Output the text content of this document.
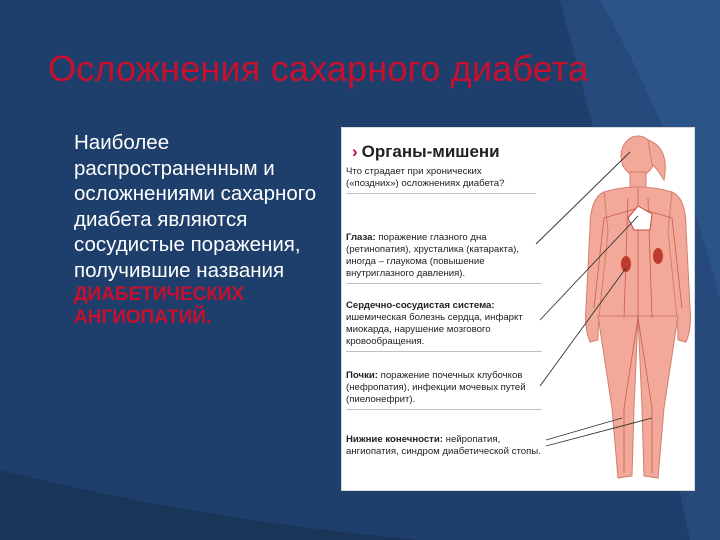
Осложнения сахарного диабета
Наиболее распространенным и осложнениями сахарного диабета являются сосудистые поражения, получившие названия
ДИАБЕТИЧЕСКИХ АНГИОПАТИЙ.
› Органы-мишени
Что страдает при хронических («поздних») осложнениях диабета?
Глаза: поражение глазного дна (ретинопатия), хрусталика (катаракта), иногда – глаукома (повышение внутриглазного давления).
Сердечно-сосудистая система: ишемическая болезнь сердца, инфаркт миокарда, нарушение мозгового кровообращения.
Почки: поражение почечных клубочков (нефропатия), инфекции мочевых путей (пиелонефрит).
Нижние конечности: нейропатия, ангиопатия, синдром диабетической стопы.
